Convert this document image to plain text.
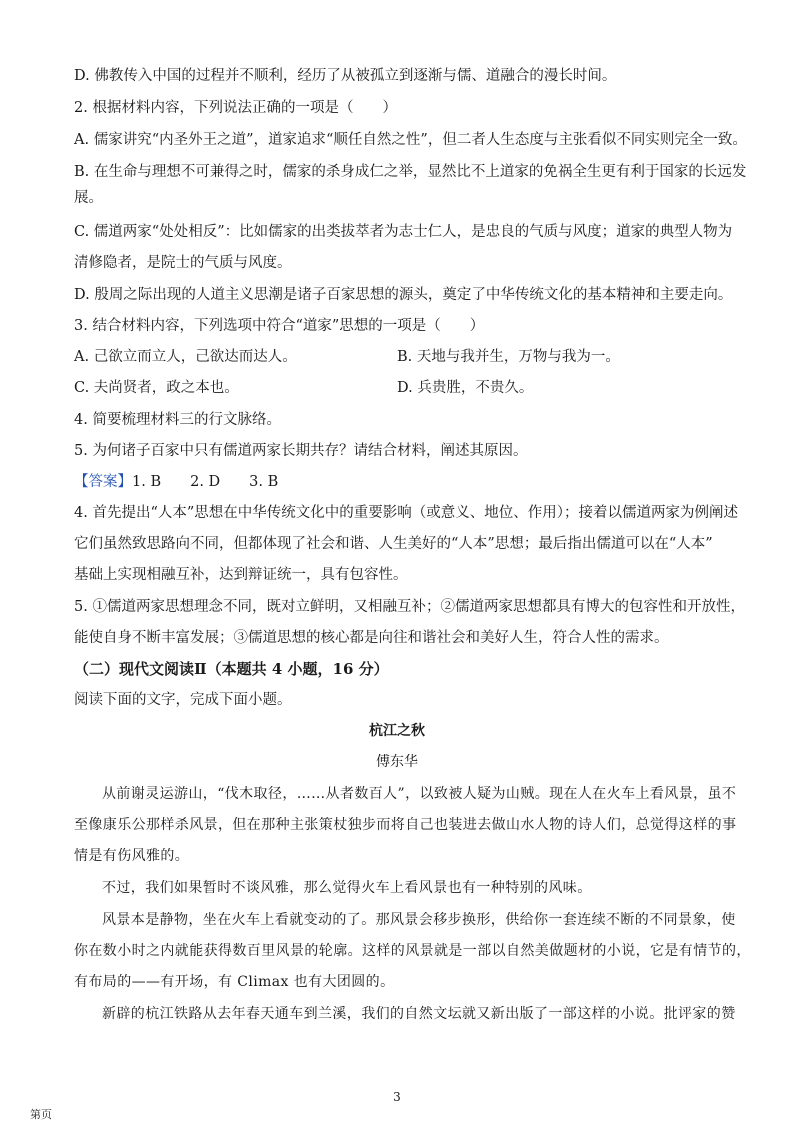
D. 佛教传入中国的过程并不顺利，经历了从被孤立到逐渐与儒、道融合的漫长时间。
2. 根据材料内容，下列说法正确的一项是（　　）
A. 儒家讲究“内圣外王之道”，道家追求“顺任自然之性”，但二者人生态度与主张看似不同实则完全一致。
B. 在生命与理想不可兼得之时，儒家的杀身成仁之举，显然比不上道家的免祸全生更有利于国家的长远发
展。
C. 儒道两家“处处相反”：比如儒家的出类拔萃者为志士仁人，是忠良的气质与风度；道家的典型人物为
清修隐者，是院士的气质与风度。
D. 殷周之际出现的人道主义思潮是诸子百家思想的源头，奠定了中华传统文化的基本精神和主要走向。
3. 结合材料内容，下列选项中符合“道家”思想的一项是（　　）
A. 己欲立而立人，己欲达而达人。	B. 天地与我并生，万物与我为一。
C. 夫尚贤者，政之本也。	D. 兵贵胜，不贵久。
4. 简要梳理材料三的行文脉络。
5. 为何诸子百家中只有儒道两家长期共存？请结合材料，阐述其原因。
【答案】1. B　　2. D　　3. B
4. 首先提出“人本”思想在中华传统文化中的重要影响（或意义、地位、作用）；接着以儒道两家为例阐述
它们虽然致思路向不同，但都体现了社会和谐、人生美好的“人本”思想；最后指出儒道可以在“人本”
基础上实现相融互补，达到辩证统一，具有包容性。
5. ①儒道两家思想理念不同，既对立鲜明，又相融互补；②儒道两家思想都具有博大的包容性和开放性，
能使自身不断丰富发展；③儒道思想的核心都是向往和谐社会和美好人生，符合人性的需求。
（二）现代文阅读Ⅱ（本题共 4 小题，16 分）
阅读下面的文字，完成下面小题。
杭江之秋
傅东华
从前谢灵运游山，“伐木取径，……从者数百人”，以致被人疑为山贼。现在人在火车上看风景，虽不
至像康乐公那样杀风景，但在那种主张策杖独步而将自己也装进去做山水人物的诗人们，总觉得这样的事
情是有伤风雅的。
不过，我们如果暂时不谈风雅，那么觉得火车上看风景也有一种特别的风味。
风景本是静物，坐在火车上看就变动的了。那风景会移步换形，供给你一套连续不断的不同景象，使
你在数小时之内就能获得数百里风景的轮廓。这样的风景就是一部以自然美做题材的小说，它是有情节的，
有布局的——有开场，有 Climax 也有大团圆的。
新辟的杭江铁路从去年春天通车到兰溪，我们的自然文坛就又新出版了一部这样的小说。批评家的赞
3
第页
